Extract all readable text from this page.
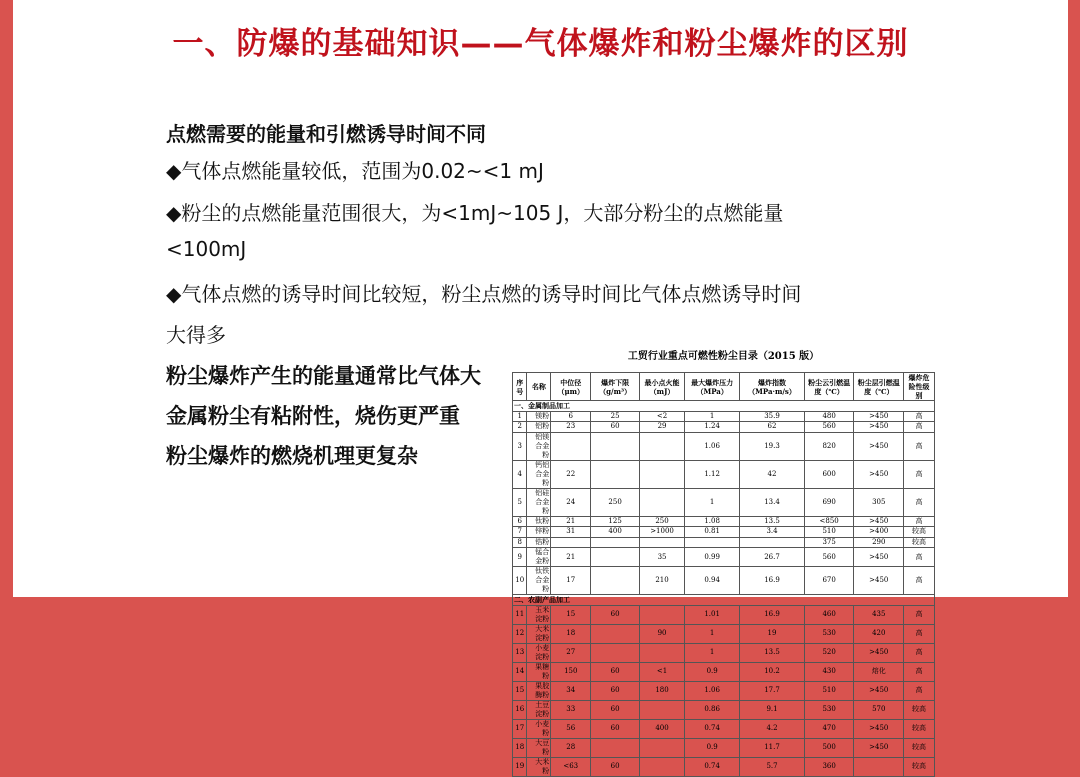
一、防爆的基础知识——气体爆炸和粉尘爆炸的区别
点燃需要的能量和引燃诱导时间不同
◆气体点燃能量较低，范围为0.02~<1 mJ
◆粉尘的点燃能量范围很大，为<1mJ~105 J，大部分粉尘的点燃能量
<100mJ
◆气体点燃的诱导时间比较短，粉尘点燃的诱导时间比气体点燃诱导时间
大得多
粉尘爆炸产生的能量通常比气体大
金属粉尘有粘附性，烧伤更严重
粉尘爆炸的燃烧机理更复杂
工贸行业重点可燃性粉尘目录（2015 版）
序号	名称	中位径（μm）	爆炸下限（g/m³）	最小点火能（mJ）	最大爆炸压力（MPa）	爆炸指数（MPa·m/s）	粉尘云引燃温度（℃）	粉尘层引燃温度（℃）	爆炸危险性级别
一、金属制品加工									
1	镁粉	6	25	<2	1	35.9	480	>450	高
2	铝粉	23	60	29	1.24	62	560	>450	高
3	铝镁合金粉				1.06	19.3	820	>450	高
4	钙铝合金粉	22			1.12	42	600	>450	高
5	铝硅合金粉	24	250		1	13.4	690	305	高
6	钛粉	21	125	250	1.08	13.5	<850	>450	高
7	锌粉	31	400	>1000	0.81	3.4	510	>400	较高
8	锆粉						375	290	较高
9	锰合金粉	21		35	0.99	26.7	560	>450	高
10	钛铁合金粉	17		210	0.94	16.9	670	>450	高
二、农副产品加工									
11	玉米淀粉	15	60		1.01	16.9	460	435	高
12	大米淀粉	18		90	1	19	530	420	高
13	小麦淀粉	27			1	13.5	520	>450	高
14	果糖粉	150	60	<1	0.9	10.2	430	熔化	高
15	果胶酶粉	34	60	180	1.06	17.7	510	>450	高
16	土豆淀粉	33	60		0.86	9.1	530	570	较高
17	小麦粉	56	60	400	0.74	4.2	470	>450	较高
18	大豆粉	28			0.9	11.7	500	>450	较高
19	大米粉	<63	60		0.74	5.7	360		较高
